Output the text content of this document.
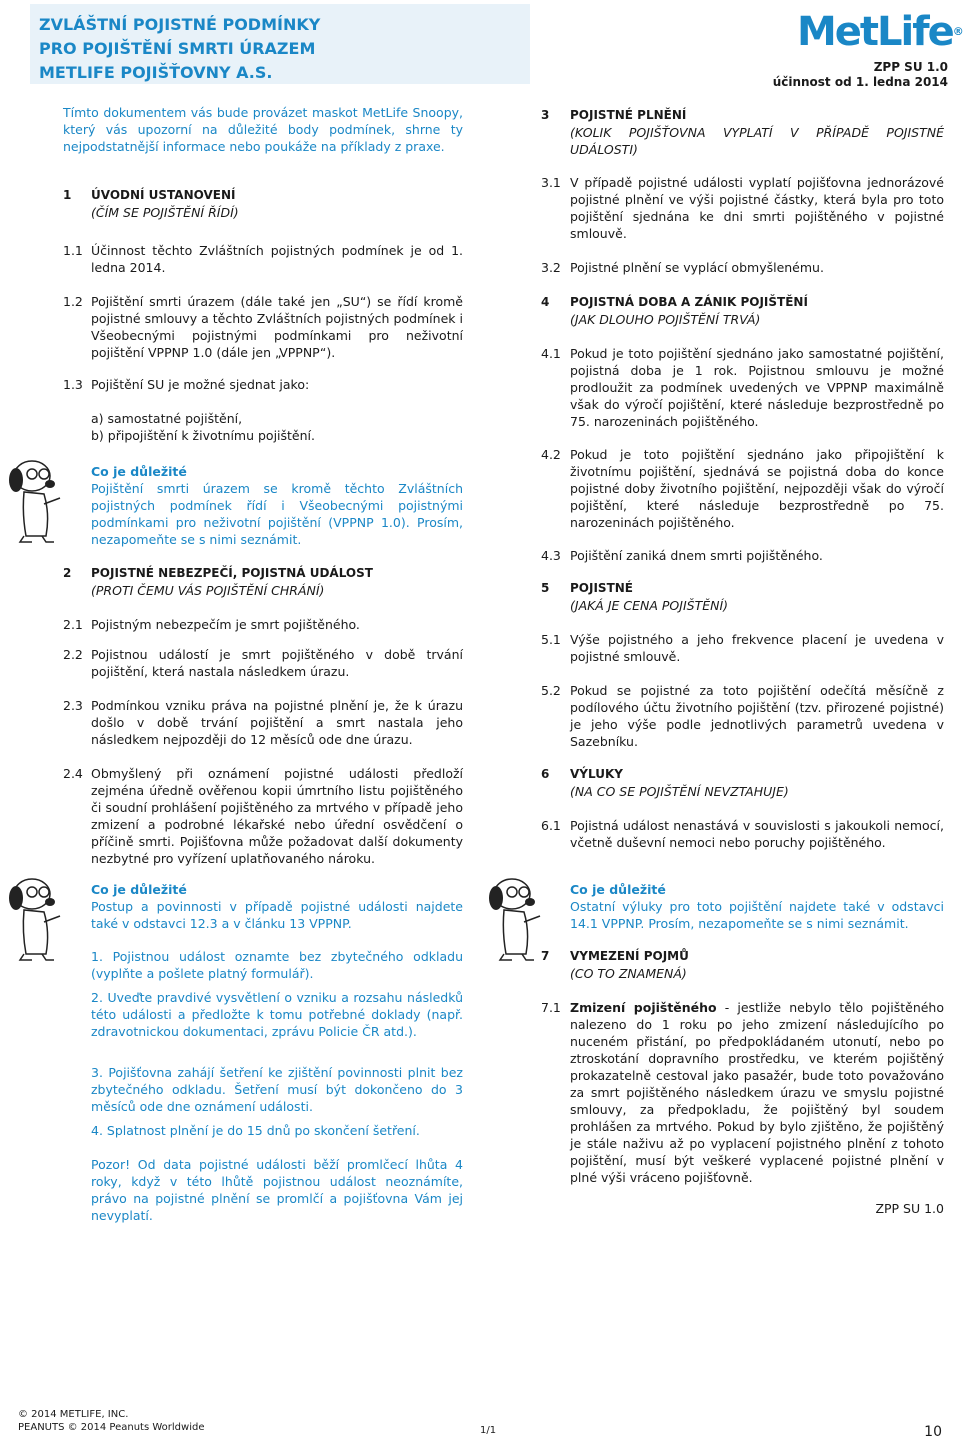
ZVLÁŠTNÍ POJISTNÉ PODMÍNKY
PRO POJIŠTĚNÍ SMRTI ÚRAZEM
METLIFE POJIŠŤOVNY A.S.
MetLife®
ZPP SU 1.0
účinnost od 1. ledna 2014
Tímto dokumentem vás bude provázet maskot MetLife Snoopy, který vás upozorní na důležité body podmínek, shrne ty nejpodstatnější informace nebo poukáže na příklady z praxe.
1 ÚVODNÍ USTANOVENÍ
(ČÍM SE POJIŠTĚNÍ ŘÍDÍ)
1.1 Účinnost těchto Zvláštních pojistných podmínek je od 1. ledna 2014.
1.2 Pojištění smrti úrazem (dále také jen „SU“) se řídí kromě pojistné smlouvy a těchto Zvláštních pojistných podmínek i Všeobecnými pojistnými podmínkami pro neživotní pojištění VPPNP 1.0 (dále jen „VPPNP“).
1.3 Pojištění SU je možné sjednat jako:
a) samostatné pojištění,
b) připojištění k životnímu pojištění.
Co je důležité
Pojištění smrti úrazem se kromě těchto Zvláštních pojistných podmínek řídí i Všeobecnými pojistnými podmínkami pro neživotní pojištění (VPPNP 1.0). Prosím, nezapomeňte se s nimi seznámit.
2 POJISTNÉ NEBEZPEČÍ, POJISTNÁ UDÁLOST
(PROTI ČEMU VÁS POJIŠTĚNÍ CHRÁNÍ)
2.1 Pojistným nebezpečím je smrt pojištěného.
2.2 Pojistnou událostí je smrt pojištěného v době trvání pojištění, která nastala následkem úrazu.
2.3 Podmínkou vzniku práva na pojistné plnění je, že k úrazu došlo v době trvání pojištění a smrt nastala jeho následkem nejpozději do 12 měsíců ode dne úrazu.
2.4 Obmyšlený při oznámení pojistné události předloží zejména úředně ověřenou kopii úmrtního listu pojištěného či soudní prohlášení pojištěného za mrtvého v případě jeho zmizení a podrobné lékařské nebo úřední osvědčení o příčině smrti. Pojišťovna může požadovat další dokumenty nezbytné pro vyřízení uplatňovaného nároku.
Co je důležité
Postup a povinnosti v případě pojistné události najdete také v odstavci 12.3 a v článku 13 VPPNP.
1. Pojistnou událost oznamte bez zbytečného odkladu (vyplňte a pošlete platný formulář).
2. Uveďte pravdivé vysvětlení o vzniku a rozsahu následků této události a předložte k tomu potřebné doklady (např. zdravotnickou dokumentaci, zprávu Policie ČR atd.).
3. Pojišťovna zahájí šetření ke zjištění povinnosti plnit bez zbytečného odkladu. Šetření musí být dokončeno do 3 měsíců ode dne oznámení události.
4. Splatnost plnění je do 15 dnů po skončení šetření.
Pozor! Od data pojistné události běží promlčecí lhůta 4 roky, když v této lhůtě pojistnou událost neoznámíte, právo na pojistné plnění se promlčí a pojišťovna Vám jej nevyplatí.
3 POJISTNÉ PLNĚNÍ
(KOLIK POJIŠŤOVNA VYPLATÍ V PŘÍPADĚ POJISTNÉ UDÁLOSTI)
3.1 V případě pojistné události vyplatí pojišťovna jednorázové pojistné plnění ve výši pojistné částky, která byla pro toto pojištění sjednána ke dni smrti pojištěného v pojistné smlouvě.
3.2 Pojistné plnění se vyplácí obmyšlenému.
4 POJISTNÁ DOBA A ZÁNIK POJIŠTĚNÍ
(JAK DLOUHO POJIŠTĚNÍ TRVÁ)
4.1 Pokud je toto pojištění sjednáno jako samostatné pojištění, pojistná doba je 1 rok. Pojistnou smlouvu je možné prodloužit za podmínek uvedených ve VPPNP maximálně však do výročí pojištění, které následuje bezprostředně po 75. narozeninách pojištěného.
4.2 Pokud je toto pojištění sjednáno jako připojištění k životnímu pojištění, sjednává se pojistná doba do konce pojistné doby životního pojištění, nejpozději však do výročí pojištění, které následuje bezprostředně po 75. narozeninách pojištěného.
4.3 Pojištění zaniká dnem smrti pojištěného.
5 POJISTNÉ
(JAKÁ JE CENA POJIŠTĚNÍ)
5.1 Výše pojistného a jeho frekvence placení je uvedena v pojistné smlouvě.
5.2 Pokud se pojistné za toto pojištění odečítá měsíčně z podílového účtu životního pojištění (tzv. přirozené pojistné) je jeho výše podle jednotlivých parametrů uvedena v Sazebníku.
6 VÝLUKY
(NA CO SE POJIŠTĚNÍ NEVZTAHUJE)
6.1 Pojistná událost nenastává v souvislosti s jakoukoli nemocí, včetně duševní nemoci nebo poruchy pojištěného.
Co je důležité
Ostatní výluky pro toto pojištění najdete také v odstavci 14.1 VPPNP. Prosím, nezapomeňte se s nimi seznámit.
7 VYMEZENÍ POJMŮ
(CO TO ZNAMENÁ)
7.1 Zmizení pojištěného - jestliže nebylo tělo pojištěného nalezeno do 1 roku po jeho zmizení následujícího po nuceném přistání, po předpokládaném utonutí, nebo po ztroskotání dopravního prostředku, ve kterém pojištěný prokazatelně cestoval jako pasažér, bude toto považováno za smrt pojištěného následkem úrazu ve smyslu pojistné smlouvy, za předpokladu, že pojištěný byl soudem prohlášen za mrtvého. Pokud by bylo zjištěno, že pojištěný je stále naživu až po vyplacení pojistného plnění z tohoto pojištění, musí být veškeré vyplacené pojistné plnění v plné výši vráceno pojišťovně.
ZPP SU 1.0
© 2014 METLIFE, INC.
PEANUTS © 2014 Peanuts Worldwide	1/1	10
